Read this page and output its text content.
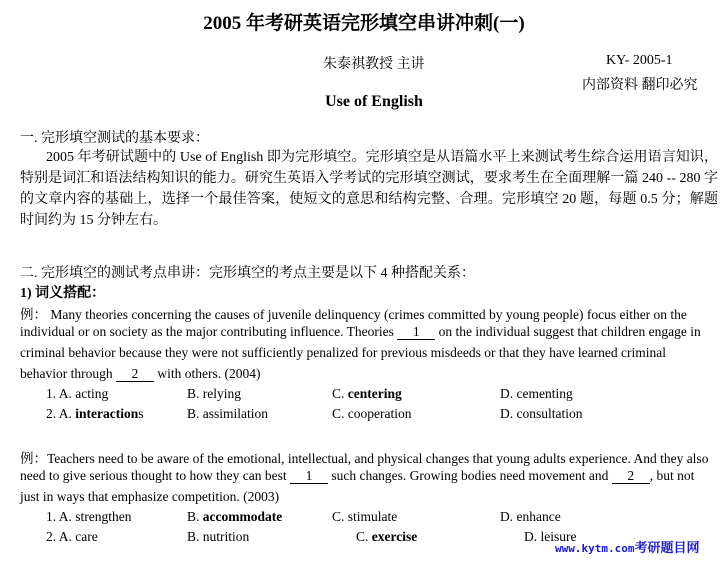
2005 年考研英语完形填空串讲冲刺(一)
朱泰祺教授 主讲	KY- 2005-1
内部资料 翻印必究
Use of English
一. 完形填空测试的基本要求：
2005 年考研试题中的 Use of English 即为完形填空。完形填空是从语篇水平上来测试考生综合运用语言知识，特别是词汇和语法结构知识的能力。研究生英语入学考试的完形填空测试，要求考生在全面理解一篇 240 -- 280 字的文章内容的基础上，选择一个最佳答案，使短文的意思和结构完整、合理。完形填空 20 题，每题 0.5 分；解题时间约为 15 分钟左右。
二. 完形填空的测试考点串讲：完形填空的考点主要是以下 4 种搭配关系：
1) 词义搭配：
例： Many theories concerning the causes of juvenile delinquency (crimes committed by young people) focus either on the
individual or on society as the major contributing influence. Theories 1 on the individual suggest that children engage in
criminal behavior because they were not sufficiently penalized for previous misdeeds or that they have learned criminal
behavior through 2 with others. (2004)
1. A. acting	B. relying	C. centering	D. cementing
2. A. interactions	B. assimilation	C. cooperation	D. consultation
例：Teachers need to be aware of the emotional, intellectual, and physical changes that young adults experience. And they also
need to give serious thought to how they can best 1 such changes. Growing bodies need movement and 2 , but not
just in ways that emphasize competition. (2003)
1. A. strengthen	B. accommodate	C. stimulate	D. enhance
2. A. care	B. nutrition	C. exercise	D. leisure
www.kytm.com考研题目网
